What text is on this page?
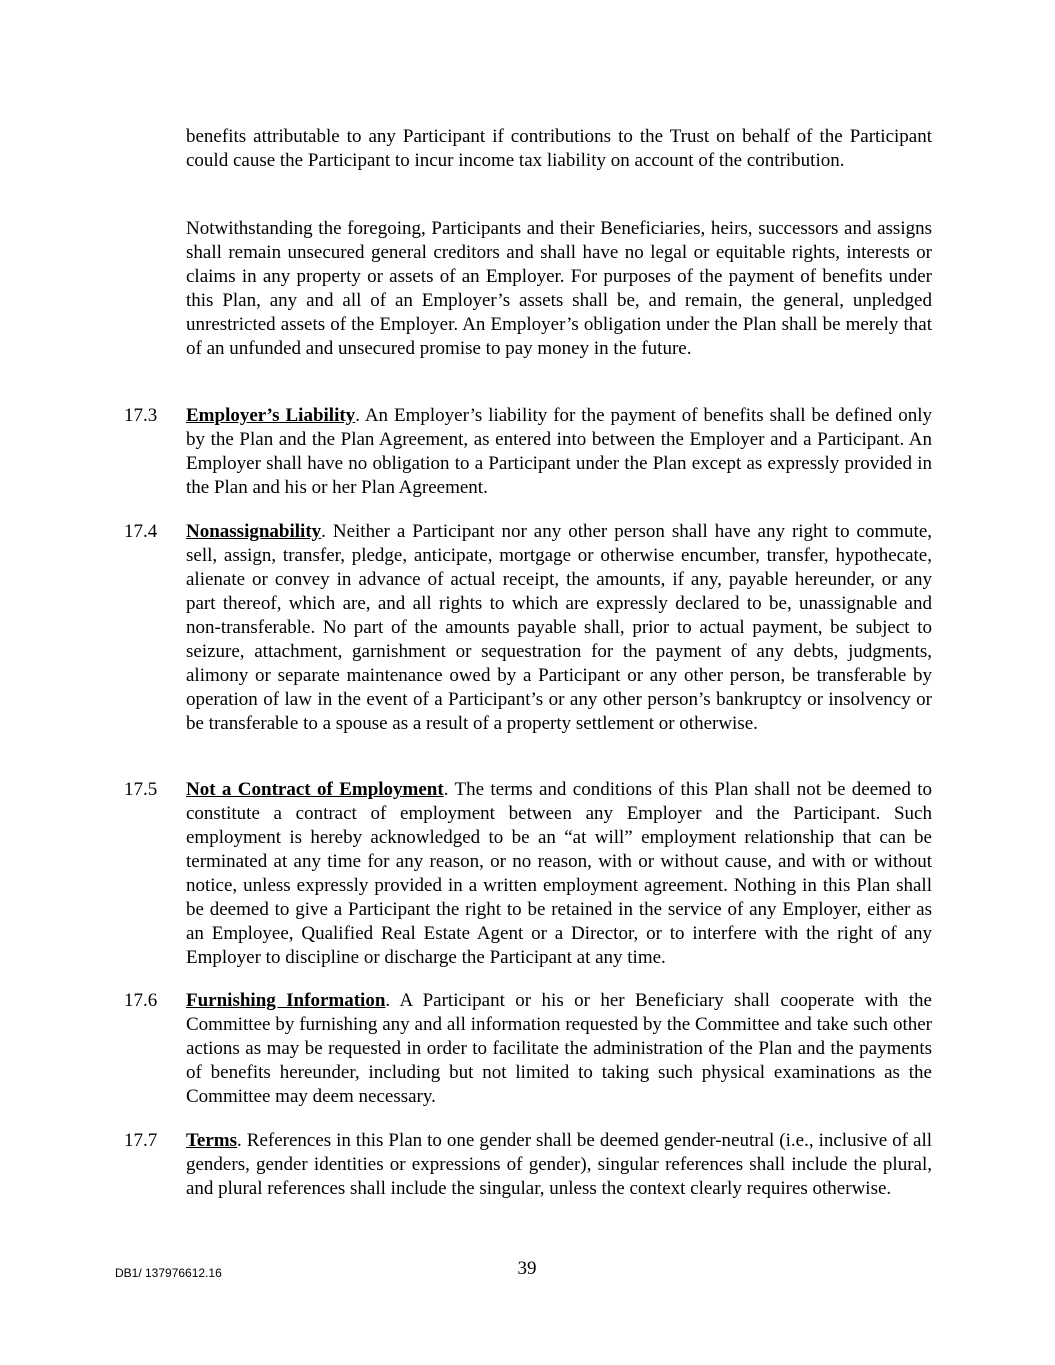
benefits attributable to any Participant if contributions to the Trust on behalf of the Participant could cause the Participant to incur income tax liability on account of the contribution.

Notwithstanding the foregoing, Participants and their Beneficiaries, heirs, successors and assigns shall remain unsecured general creditors and shall have no legal or equitable rights, interests or claims in any property or assets of an Employer. For purposes of the payment of benefits under this Plan, any and all of an Employer’s assets shall be, and remain, the general, unpledged unrestricted assets of the Employer. An Employer’s obligation under the Plan shall be merely that of an unfunded and unsecured promise to pay money in the future.

17.3 Employer’s Liability. An Employer’s liability for the payment of benefits shall be defined only by the Plan and the Plan Agreement, as entered into between the Employer and a Participant. An Employer shall have no obligation to a Participant under the Plan except as expressly provided in the Plan and his or her Plan Agreement.

17.4 Nonassignability. Neither a Participant nor any other person shall have any right to commute, sell, assign, transfer, pledge, anticipate, mortgage or otherwise encumber, transfer, hypothecate, alienate or convey in advance of actual receipt, the amounts, if any, payable hereunder, or any part thereof, which are, and all rights to which are expressly declared to be, unassignable and non-transferable. No part of the amounts payable shall, prior to actual payment, be subject to seizure, attachment, garnishment or sequestration for the payment of any debts, judgments, alimony or separate maintenance owed by a Participant or any other person, be transferable by operation of law in the event of a Participant’s or any other person’s bankruptcy or insolvency or be transferable to a spouse as a result of a property settlement or otherwise.

17.5 Not a Contract of Employment. The terms and conditions of this Plan shall not be deemed to constitute a contract of employment between any Employer and the Participant. Such employment is hereby acknowledged to be an “at will” employment relationship that can be terminated at any time for any reason, or no reason, with or without cause, and with or without notice, unless expressly provided in a written employment agreement. Nothing in this Plan shall be deemed to give a Participant the right to be retained in the service of any Employer, either as an Employee, Qualified Real Estate Agent or a Director, or to interfere with the right of any Employer to discipline or discharge the Participant at any time.

17.6 Furnishing Information. A Participant or his or her Beneficiary shall cooperate with the Committee by furnishing any and all information requested by the Committee and take such other actions as may be requested in order to facilitate the administration of the Plan and the payments of benefits hereunder, including but not limited to taking such physical examinations as the Committee may deem necessary.

17.7 Terms. References in this Plan to one gender shall be deemed gender-neutral (i.e., inclusive of all genders, gender identities or expressions of gender), singular references shall include the plural, and plural references shall include the singular, unless the context clearly requires otherwise.

DB1/ 137976612.16	39
